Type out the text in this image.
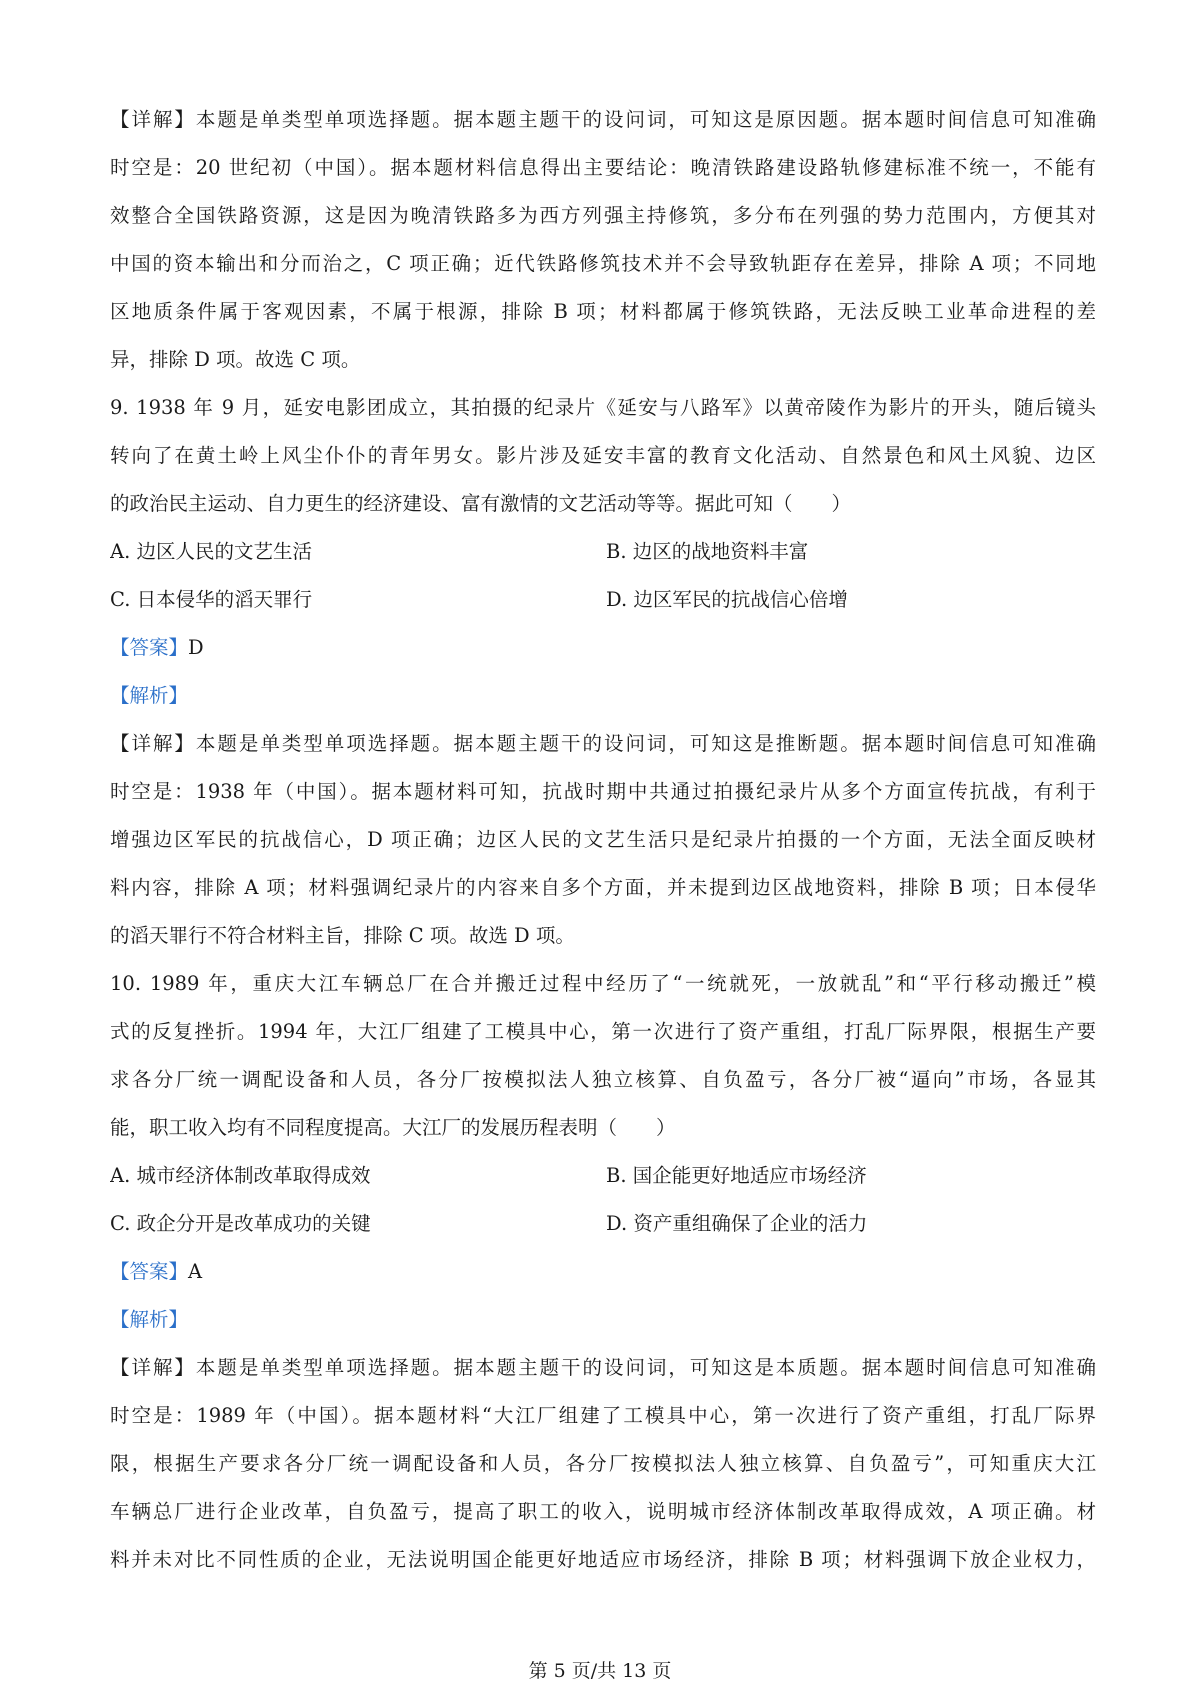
【详解】本题是单类型单项选择题。据本题主题干的设问词，可知这是原因题。据本题时间信息可知准确
时空是：20 世纪初（中国）。据本题材料信息得出主要结论：晚清铁路建设路轨修建标准不统一，不能有
效整合全国铁路资源，这是因为晚清铁路多为西方列强主持修筑，多分布在列强的势力范围内，方便其对
中国的资本输出和分而治之，C 项正确；近代铁路修筑技术并不会导致轨距存在差异，排除 A 项；不同地
区地质条件属于客观因素，不属于根源，排除 B 项；材料都属于修筑铁路，无法反映工业革命进程的差
异，排除 D 项。故选 C 项。
9. 1938 年 9 月，延安电影团成立，其拍摄的纪录片《延安与八路军》以黄帝陵作为影片的开头，随后镜头
转向了在黄土岭上风尘仆仆的青年男女。影片涉及延安丰富的教育文化活动、自然景色和风土风貌、边区
的政治民主运动、自力更生的经济建设、富有激情的文艺活动等等。据此可知（　　）
A. 边区人民的文艺生活	B. 边区的战地资料丰富
C. 日本侵华的滔天罪行	D. 边区军民的抗战信心倍增
【答案】D
【解析】
【详解】本题是单类型单项选择题。据本题主题干的设问词，可知这是推断题。据本题时间信息可知准确
时空是：1938 年（中国）。据本题材料可知，抗战时期中共通过拍摄纪录片从多个方面宣传抗战，有利于
增强边区军民的抗战信心，D 项正确；边区人民的文艺生活只是纪录片拍摄的一个方面，无法全面反映材
料内容，排除 A 项；材料强调纪录片的内容来自多个方面，并未提到边区战地资料，排除 B 项；日本侵华
的滔天罪行不符合材料主旨，排除 C 项。故选 D 项。
10. 1989 年，重庆大江车辆总厂在合并搬迁过程中经历了“一统就死，一放就乱”和“平行移动搬迁”模
式的反复挫折。1994 年，大江厂组建了工模具中心，第一次进行了资产重组，打乱厂际界限，根据生产要
求各分厂统一调配设备和人员，各分厂按模拟法人独立核算、自负盈亏，各分厂被“逼向”市场，各显其
能，职工收入均有不同程度提高。大江厂的发展历程表明（　　）
A. 城市经济体制改革取得成效	B. 国企能更好地适应市场经济
C. 政企分开是改革成功的关键	D. 资产重组确保了企业的活力
【答案】A
【解析】
【详解】本题是单类型单项选择题。据本题主题干的设问词，可知这是本质题。据本题时间信息可知准确
时空是：1989 年（中国）。据本题材料“大江厂组建了工模具中心，第一次进行了资产重组，打乱厂际界
限，根据生产要求各分厂统一调配设备和人员，各分厂按模拟法人独立核算、自负盈亏”，可知重庆大江
车辆总厂进行企业改革，自负盈亏，提高了职工的收入，说明城市经济体制改革取得成效，A 项正确。材
料并未对比不同性质的企业，无法说明国企能更好地适应市场经济，排除 B 项；材料强调下放企业权力，
第 5 页/共 13 页
